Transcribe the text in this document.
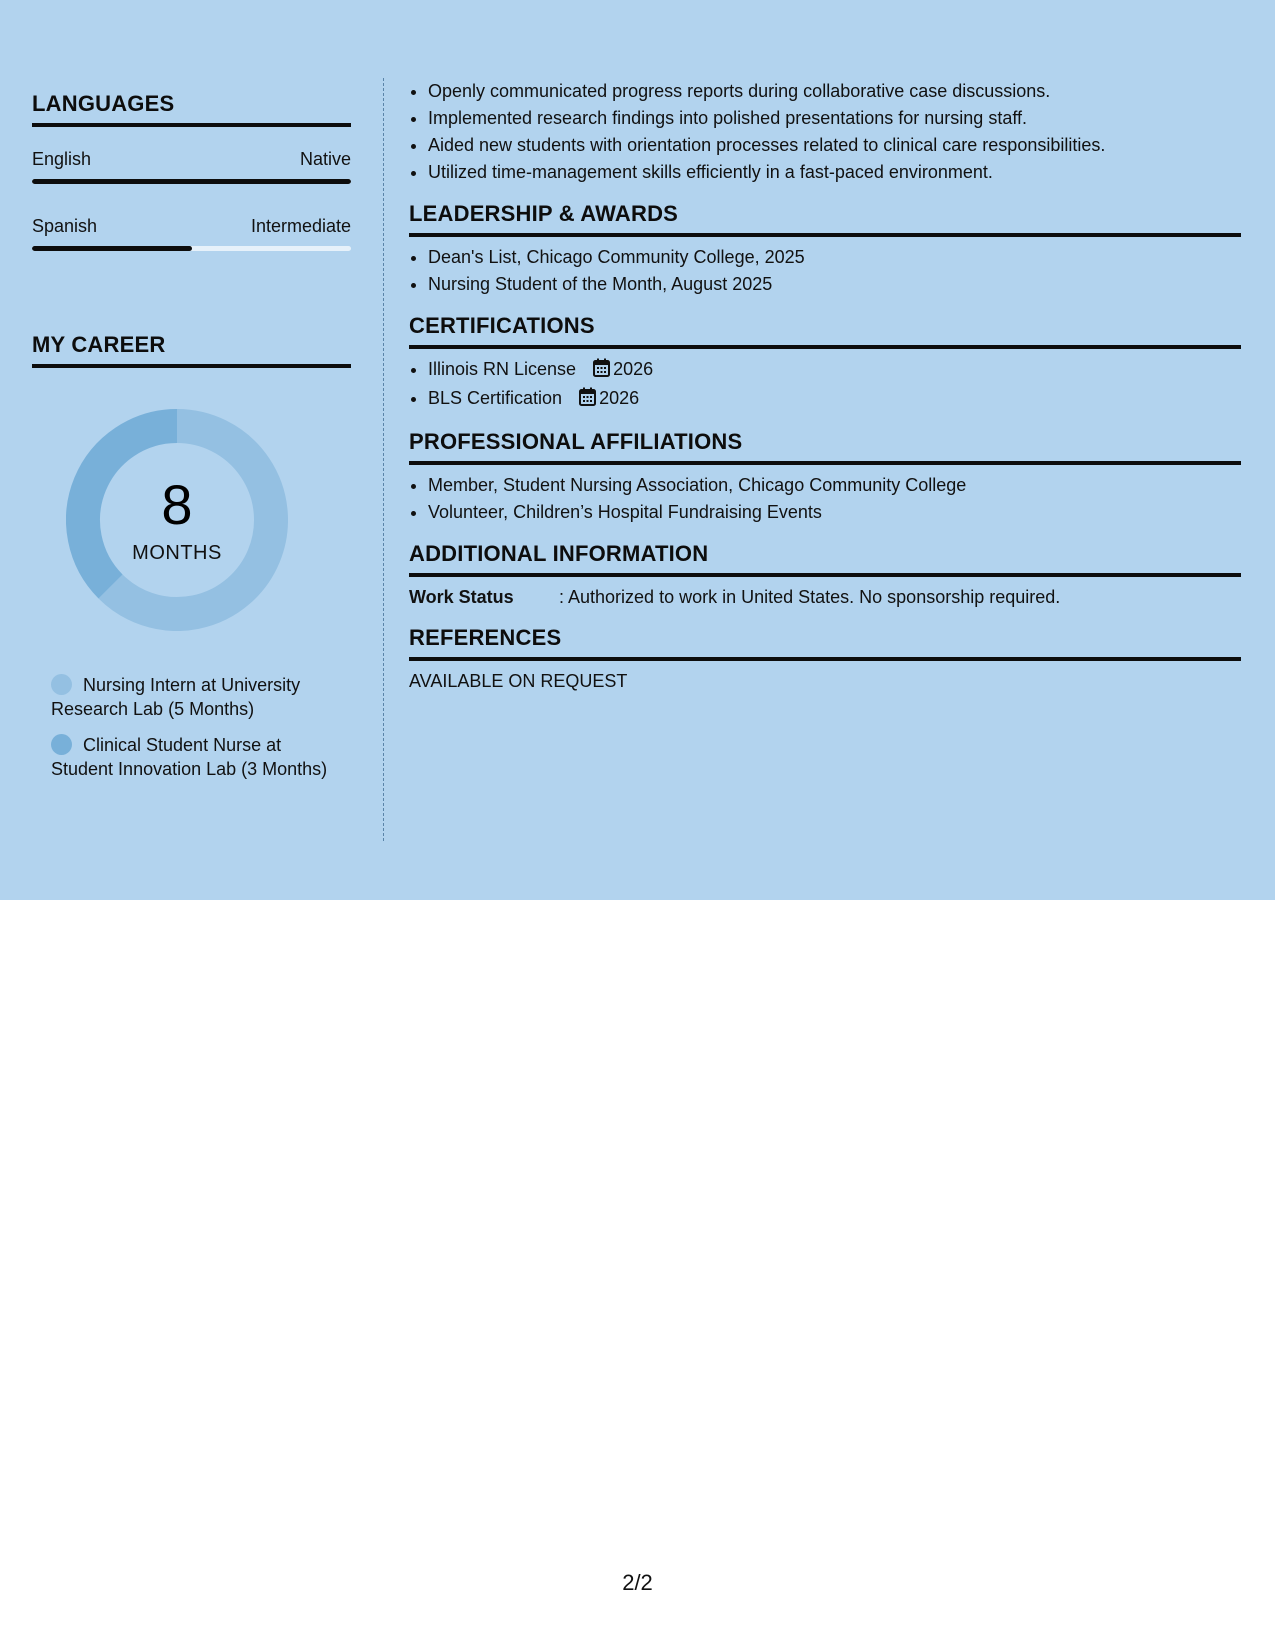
LANGUAGES
English	Native
Spanish	Intermediate
MY CAREER
8
MONTHS
Nursing Intern at University Research Lab (5 Months)
Clinical Student Nurse at Student Innovation Lab (3 Months)
• Openly communicated progress reports during collaborative case discussions.
• Implemented research findings into polished presentations for nursing staff.
• Aided new students with orientation processes related to clinical care responsibilities.
• Utilized time-management skills efficiently in a fast-paced environment.
LEADERSHIP & AWARDS
• Dean's List, Chicago Community College, 2025
• Nursing Student of the Month, August 2025
CERTIFICATIONS
• Illinois RN License 2026
• BLS Certification 2026
PROFESSIONAL AFFILIATIONS
• Member, Student Nursing Association, Chicago Community College
• Volunteer, Children’s Hospital Fundraising Events
ADDITIONAL INFORMATION
Work Status	: Authorized to work in United States. No sponsorship required.
REFERENCES
AVAILABLE ON REQUEST
2/2
